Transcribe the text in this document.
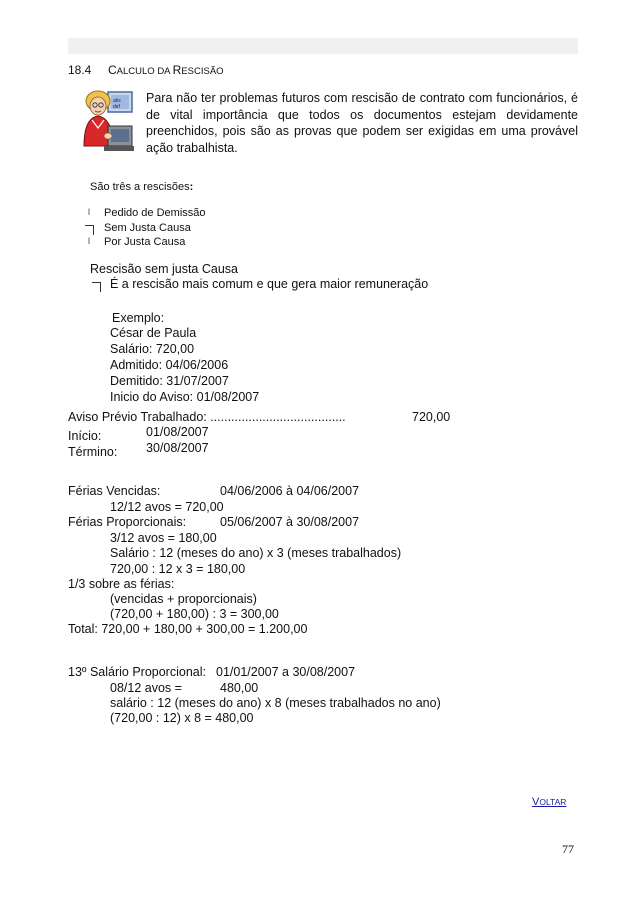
18.4 CALCULO DA RESCISÃO
abc
def
Para não ter problemas futuros com rescisão de contrato com funcionários, é de vital importância que todos os documentos estejam devidamente preenchidos, pois são as provas que podem ser exigidas em uma provável ação trabalhista.
São três a rescisões:
l Pedido de Demissão
Sem Justa Causa
l Por Justa Causa
Rescisão sem justa Causa
É a rescisão mais comum e que gera maior remuneração
Exemplo:
César de Paula
Salário: 720,00
Admitido: 04/06/2006
Demitido: 31/07/2007
Inicio do Aviso: 01/08/2007
Aviso Prévio Trabalhado: .......................................	720,00
Início:	01/08/2007
Término: 30/08/2007
Férias Vencidas:	04/06/2006 à 04/06/2007
12/12 avos = 720,00
Férias Proporcionais:	05/06/2007 à 30/08/2007
3/12 avos = 180,00
Salário : 12 (meses do ano) x 3 (meses trabalhados)
720,00 : 12 x 3 = 180,00
1/3 sobre as férias:
(vencidas + proporcionais)
(720,00 + 180,00) : 3 = 300,00
Total: 720,00 + 180,00 + 300,00 = 1.200,00
13º Salário Proporcional: 01/01/2007 a 30/08/2007
08/12 avos =	480,00
salário : 12 (meses do ano) x 8 (meses trabalhados no ano)
(720,00 : 12) x 8 = 480,00
VOLTAR
77
